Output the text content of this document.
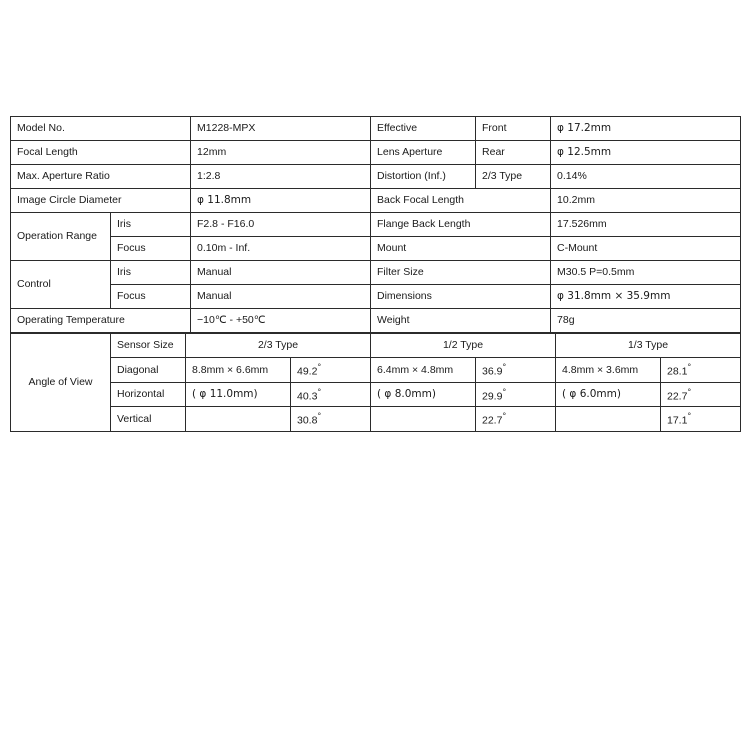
Model No.		M1228-MPX	Effective	Front	φ 17.2mm
Focal Length		12mm	Lens Aperture	Rear	φ 12.5mm
Max. Aperture Ratio		1:2.8	Distortion (Inf.)	2/3 Type	0.14%
Image Circle Diameter		φ 11.8mm	Back Focal Length		10.2mm
Operation Range	Iris	F2.8 - F16.0	Flange Back Length		17.526mm
	Focus	0.10m - Inf.	Mount		C-Mount
Control	Iris	Manual	Filter Size		M30.5 P=0.5mm
	Focus	Manual	Dimensions		φ 31.8mm × 35.9mm
Operating Temperature		−10℃ - +50℃	Weight		78g
Angle of View	Sensor Size	2/3 Type		1/2 Type		1/3 Type	
	Diagonal	8.8mm × 6.6mm	49.2°	6.4mm × 4.8mm	36.9°	4.8mm × 3.6mm	28.1°
	Horizontal	( φ 11.0mm)	40.3°	( φ 8.0mm)	29.9°	( φ 6.0mm)	22.7°
	Vertical		30.8°		22.7°		17.1°
